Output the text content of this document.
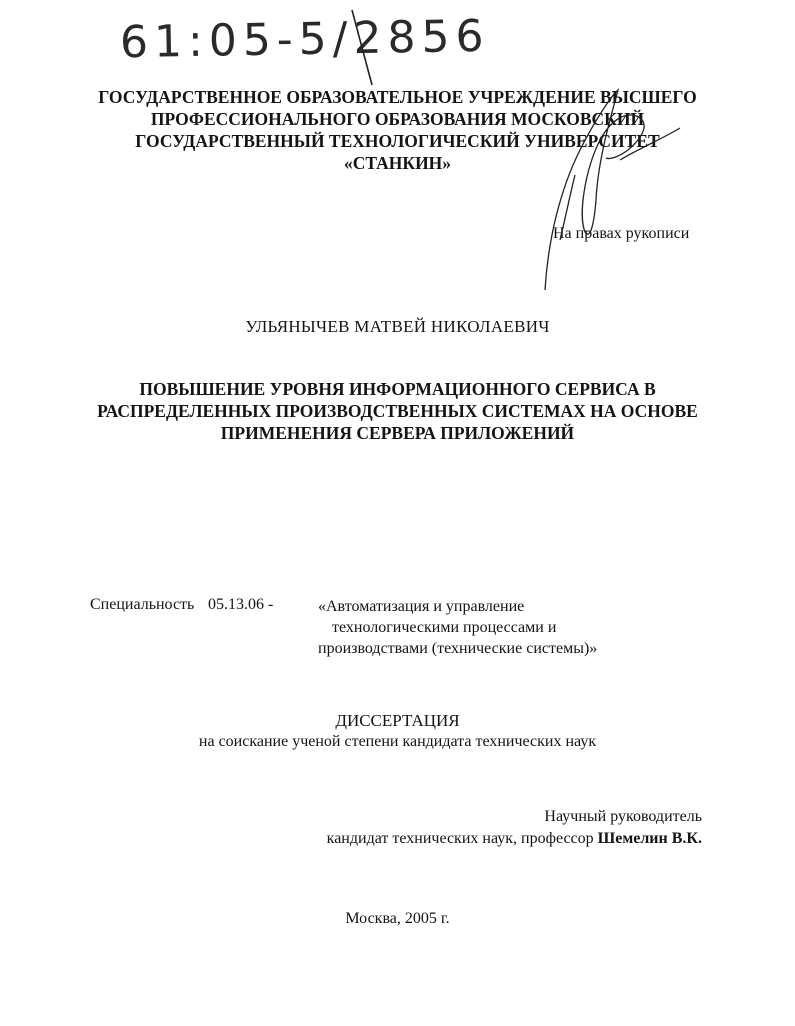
61:05-5/2856
ГОСУДАРСТВЕННОЕ ОБРАЗОВАТЕЛЬНОЕ УЧРЕЖДЕНИЕ ВЫСШЕГО
ПРОФЕССИОНАЛЬНОГО ОБРАЗОВАНИЯ МОСКОВСКИЙ
ГОСУДАРСТВЕННЫЙ ТЕХНОЛОГИЧЕСКИЙ УНИВЕРСИТЕТ
«СТАНКИН»
На правах рукописи
УЛЬЯНЫЧЕВ МАТВЕЙ НИКОЛАЕВИЧ
ПОВЫШЕНИЕ УРОВНЯ ИНФОРМАЦИОННОГО СЕРВИСА В
РАСПРЕДЕЛЕННЫХ ПРОИЗВОДСТВЕННЫХ СИСТЕМАХ НА ОСНОВЕ
ПРИМЕНЕНИЯ СЕРВЕРА ПРИЛОЖЕНИЙ
Специальность 05.13.06 -	«Автоматизация и управление
технологическими процессами и
производствами (технические системы)»
ДИССЕРТАЦИЯ
на соискание ученой степени кандидата технических наук
Научный руководитель
кандидат технических наук, профессор Шемелин В.К.
Москва, 2005 г.
